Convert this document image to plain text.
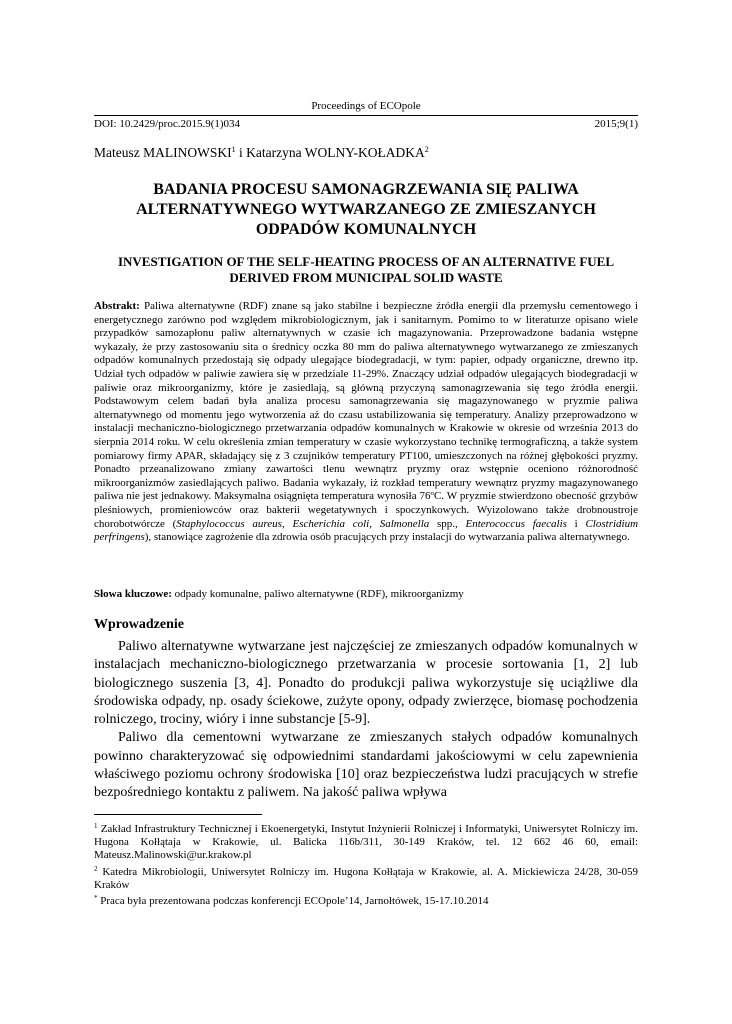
Proceedings of ECOpole
DOI: 10.2429/proc.2015.9(1)034	2015;9(1)
Mateusz MALINOWSKI$^1$ i Katarzyna WOLNY-KOŁADKA$^2$
BADANIA PROCESU SAMONAGRZEWANIA SIĘ PALIWA ALTERNATYWNEGO WYTWARZANEGO ZE ZMIESZANYCH ODPADÓW KOMUNALNYCH
INVESTIGATION OF THE SELF-HEATING PROCESS OF AN ALTERNATIVE FUEL DERIVED FROM MUNICIPAL SOLID WASTE
Abstrakt: Paliwa alternatywne (RDF) znane są jako stabilne i bezpieczne źródła energii dla przemysłu cementowego i energetycznego zarówno pod względem mikrobiologicznym, jak i sanitarnym. Pomimo to w literaturze opisano wiele przypadków samozapłonu paliw alternatywnych w czasie ich magazynowania. Przeprowadzone badania wstępne wykazały, że przy zastosowaniu sita o średnicy oczka 80 mm do paliwa alternatywnego wytwarzanego ze zmieszanych odpadów komunalnych przedostają się odpady ulegające biodegradacji, w tym: papier, odpady organiczne, drewno itp. Udział tych odpadów w paliwie zawiera się w przedziale 11-29%. Znaczący udział odpadów ulegających biodegradacji w paliwie oraz mikroorganizmy, które je zasiedlają, są główną przyczyną samonagrzewania się tego źródła energii. Podstawowym celem badań była analiza procesu samonagrzewania się magazynowanego w pryzmie paliwa alternatywnego od momentu jego wytworzenia aż do czasu ustabilizowania się temperatury. Analizy przeprowadzono w instalacji mechaniczno-biologicznego przetwarzania odpadów komunalnych w Krakowie w okresie od września 2013 do sierpnia 2014 roku. W celu określenia zmian temperatury w czasie wykorzystano technikę termograficzną, a także system pomiarowy firmy APAR, składający się z 3 czujników temperatury PT100, umieszczonych na różnej głębokości pryzmy. Ponadto przeanalizowano zmiany zawartości tlenu wewnątrz pryzmy oraz wstępnie oceniono różnorodność mikroorganizmów zasiedlających paliwo. Badania wykazały, iż rozkład temperatury wewnątrz pryzmy magazynowanego paliwa nie jest jednakowy. Maksymalna osiągnięta temperatura wynosiła 76ºC. W pryzmie stwierdzono obecność grzybów pleśniowych, promieniowców oraz bakterii wegetatywnych i spoczynkowych. Wyizolowano także drobnoustroje chorobotwórcze (Staphylococcus aureus, Escherichia coli, Salmonella spp., Enterococcus faecalis i Clostridium perfringens), stanowiące zagrożenie dla zdrowia osób pracujących przy instalacji do wytwarzania paliwa alternatywnego.
Słowa kluczowe: odpady komunalne, paliwo alternatywne (RDF), mikroorganizmy
Wprowadzenie

Paliwo alternatywne wytwarzane jest najczęściej ze zmieszanych odpadów komunalnych w instalacjach mechaniczno-biologicznego przetwarzania w procesie sortowania [1, 2] lub biologicznego suszenia [3, 4]. Ponadto do produkcji paliwa wykorzystuje się uciążliwe dla środowiska odpady, np. osady ściekowe, zużyte opony, odpady zwierzęce, biomasę pochodzenia rolniczego, trociny, wióry i inne substancje [5-9].

Paliwo dla cementowni wytwarzane ze zmieszanych stałych odpadów komunalnych powinno charakteryzować się odpowiednimi standardami jakościowymi w celu zapewnienia właściwego poziomu ochrony środowiska [10] oraz bezpieczeństwa ludzi pracujących w strefie bezpośredniego kontaktu z paliwem. Na jakość paliwa wpływa

$^1$ Zakład Infrastruktury Technicznej i Ekoenergetyki, Instytut Inżynierii Rolniczej i Informatyki, Uniwersytet Rolniczy im. Hugona Kołłątaja w Krakowie, ul. Balicka 116b/311, 30-149 Kraków, tel. 12 662 46 60, email: Mateusz.Malinowski@ur.krakow.pl

$^2$ Katedra Mikrobiologii, Uniwersytet Rolniczy im. Hugona Kołłątaja w Krakowie, al. A. Mickiewicza 24/28, 30-059 Kraków

* Praca była prezentowana podczas konferencji ECOpole’14, Jarnołtówek, 15-17.10.2014
